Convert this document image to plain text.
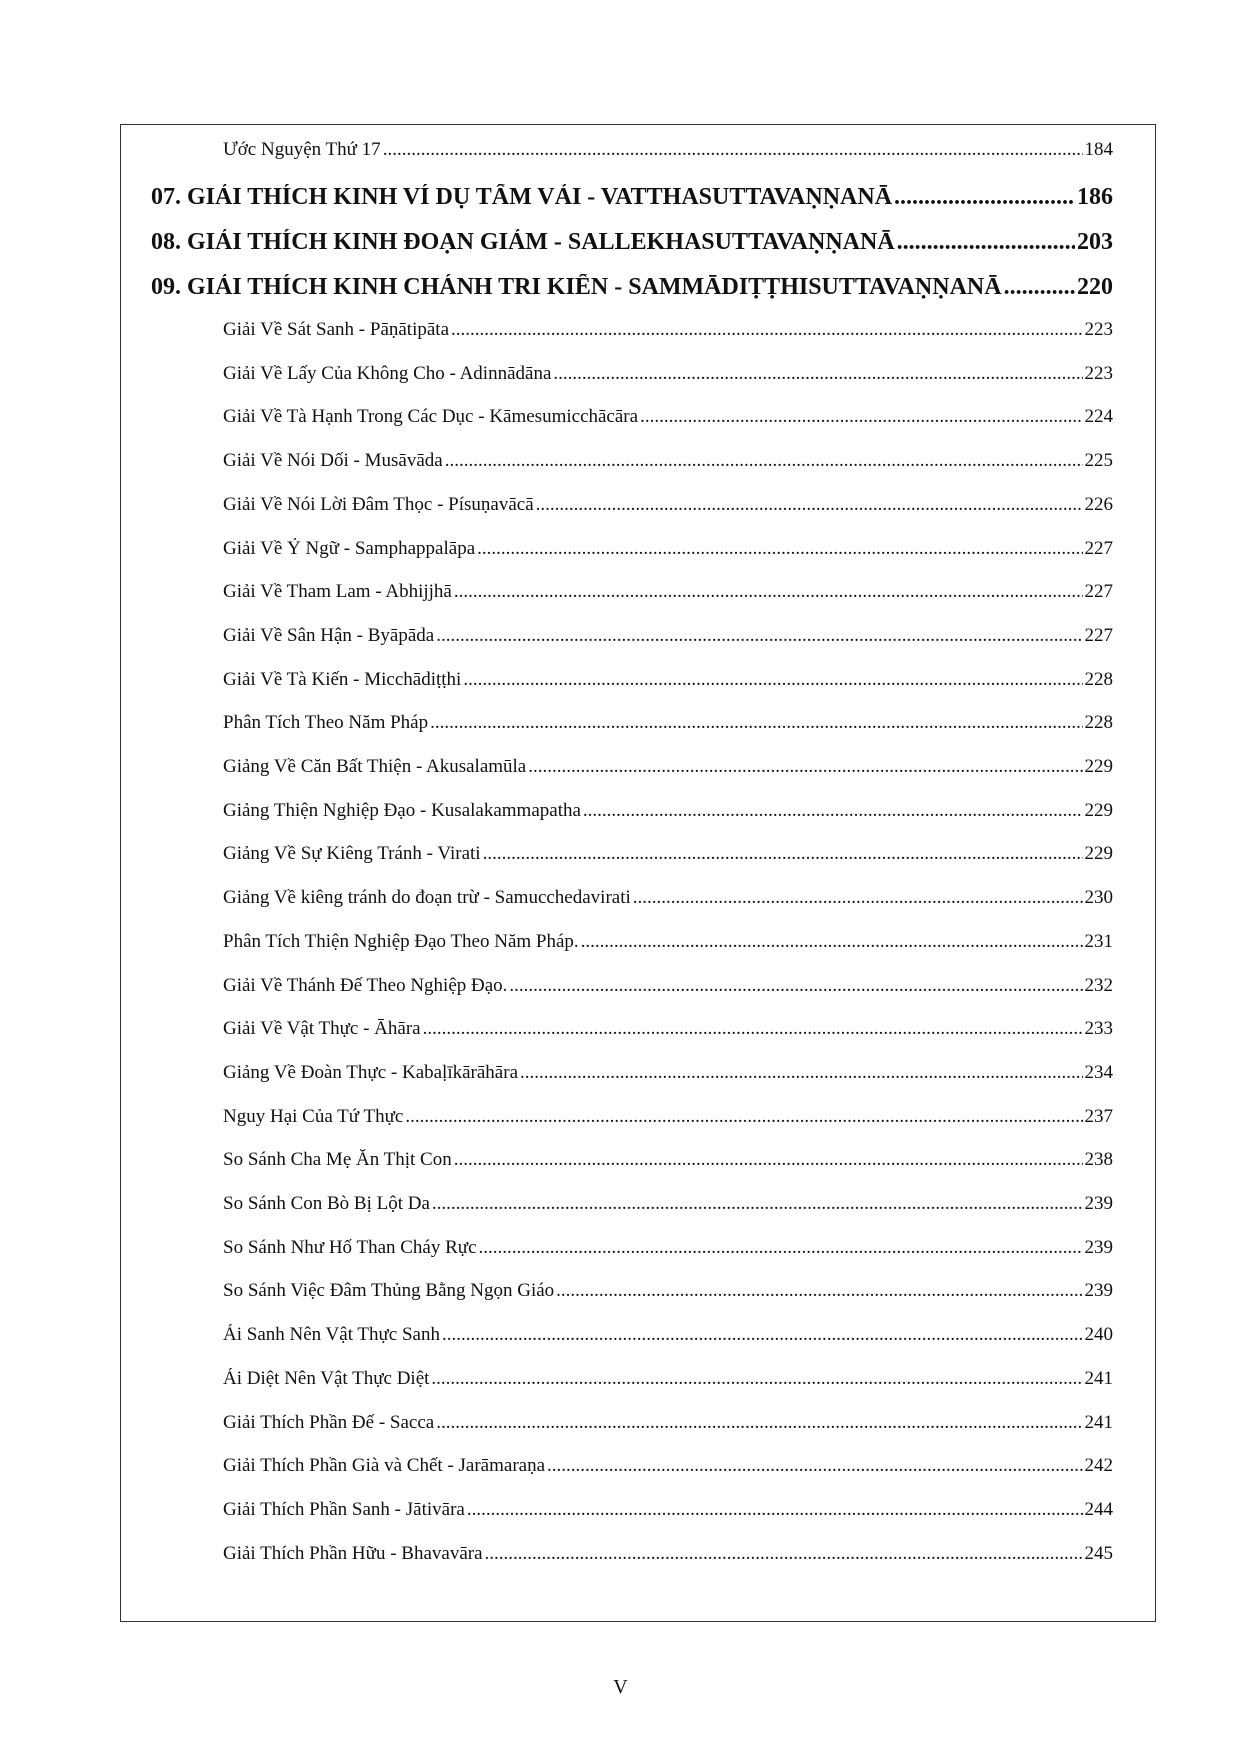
Ước Nguyện Thứ 17 .....	184
07. GIẢI THÍCH KINH VÍ DỤ TẤM VẢI - VATTHASUTTAVAṆṆANĀ .....	186
08. GIẢI THÍCH KINH ĐOẠN GIẢM - SALLEKHASUTTAVAṆṆANĀ .....	203
09. GIẢI THÍCH KINH CHÁNH TRI KIẾN - SAMMĀDIṬṬHISUTTAVAṆṆANĀ .....	220
Giải Về Sát Sanh - Pāṇātipāta .....	223
Giải Về Lấy Của Không Cho - Adinnādāna .....	223
Giải Về Tà Hạnh Trong Các Dục - Kāmesumicchācāra .....	224
Giải Về Nói Dối - Musāvāda .....	225
Giải Về Nói Lời Đâm Thọc - Písuṇavācā .....	226
Giải Về Ỷ Ngữ - Samphappalāpa .....	227
Giải Về Tham Lam - Abhijjhā .....	227
Giải Về Sân Hận - Byāpāda .....	227
Giải Về Tà Kiến - Micchādiṭṭhi .....	228
Phân Tích Theo Năm Pháp .....	228
Giảng Về Căn Bất Thiện - Akusalamūla .....	229
Giảng Thiện Nghiệp Đạo - Kusalakammapatha .....	229
Giảng Về Sự Kiêng Tránh - Virati .....	229
Giảng Về kiêng tránh do đoạn trừ - Samucchedavirati .....	230
Phân Tích Thiện Nghiệp Đạo Theo Năm Pháp. .....	231
Giải Về Thánh Đế Theo Nghiệp Đạo. .....	232
Giải Về Vật Thực - Āhāra .....	233
Giảng Về Đoàn Thực - Kabaḷīkārāhāra .....	234
Nguy Hại Của Tứ Thực .....	237
So Sánh Cha Mẹ Ăn Thịt Con .....	238
So Sánh Con Bò Bị Lột Da .....	239
So Sánh Như Hố Than Cháy Rực .....	239
So Sánh Việc Đâm Thủng Bằng Ngọn Giáo .....	239
Ái Sanh Nên Vật Thực Sanh .....	240
Ái Diệt Nên Vật Thực Diệt .....	241
Giải Thích Phần Đế - Sacca .....	241
Giải Thích Phần Già và Chết - Jarāmaraṇa .....	242
Giải Thích Phần Sanh - Jātivāra .....	244
Giải Thích Phần Hữu - Bhavavāra .....	245
V
